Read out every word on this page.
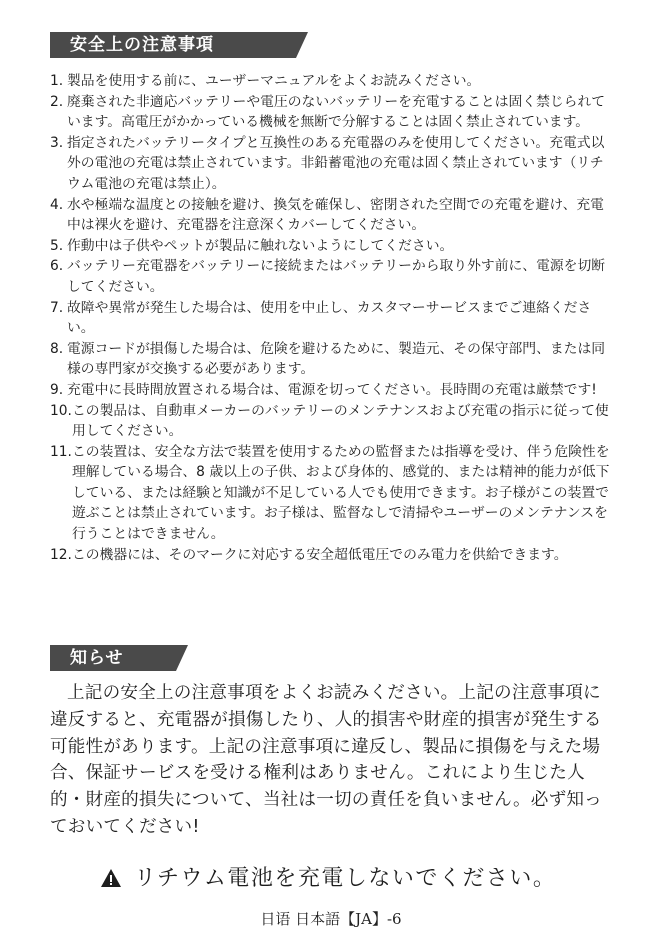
安全上の注意事項
1. 製品を使用する前に、ユーザーマニュアルをよくお読みください。
2. 廃棄された非適応バッテリーや電圧のないバッテリーを充電することは固く禁じられています。高電圧がかかっている機械を無断で分解することは固く禁止されています。
3. 指定されたバッテリータイプと互換性のある充電器のみを使用してください。充電式以外の電池の充電は禁止されています。非鉛蓄電池の充電は固く禁止されています（リチウム電池の充電は禁止）。
4. 水や極端な温度との接触を避け、換気を確保し、密閉された空間での充電を避け、充電中は裸火を避け、充電器を注意深くカバーしてください。
5. 作動中は子供やペットが製品に触れないようにしてください。
6. バッテリー充電器をバッテリーに接続またはバッテリーから取り外す前に、電源を切断してください。
7. 故障や異常が発生した場合は、使用を中止し、カスタマーサービスまでご連絡ください。
8. 電源コードが損傷した場合は、危険を避けるために、製造元、その保守部門、または同様の専門家が交換する必要があります。
9. 充電中に長時間放置される場合は、電源を切ってください。長時間の充電は厳禁です!
10. この製品は、自動車メーカーのバッテリーのメンテナンスおよび充電の指示に従って使用してください。
11. この装置は、安全な方法で装置を使用するための監督または指導を受け、伴う危険性を理解している場合、8 歳以上の子供、および身体的、感覚的、または精神的能力が低下している、または経験と知識が不足している人でも使用できます。お子様がこの装置で遊ぶことは禁止されています。お子様は、監督なしで清掃やユーザーのメンテナンスを行うことはできません。
12.この機器には、そのマークに対応する安全超低電圧でのみ電力を供給できます。
知らせ

上記の安全上の注意事項をよくお読みください。上記の注意事項に違反すると、充電器が損傷したり、人的損害や財産的損害が発生する可能性があります。上記の注意事項に違反し、製品に損傷を与えた場合、保証サービスを受ける権利はありません。これにより生じた人的・財産的損失について、当社は一切の責任を負いません。必ず知っておいてください!

リチウム電池を充電しないでください。
日语 日本語【JA】-6
